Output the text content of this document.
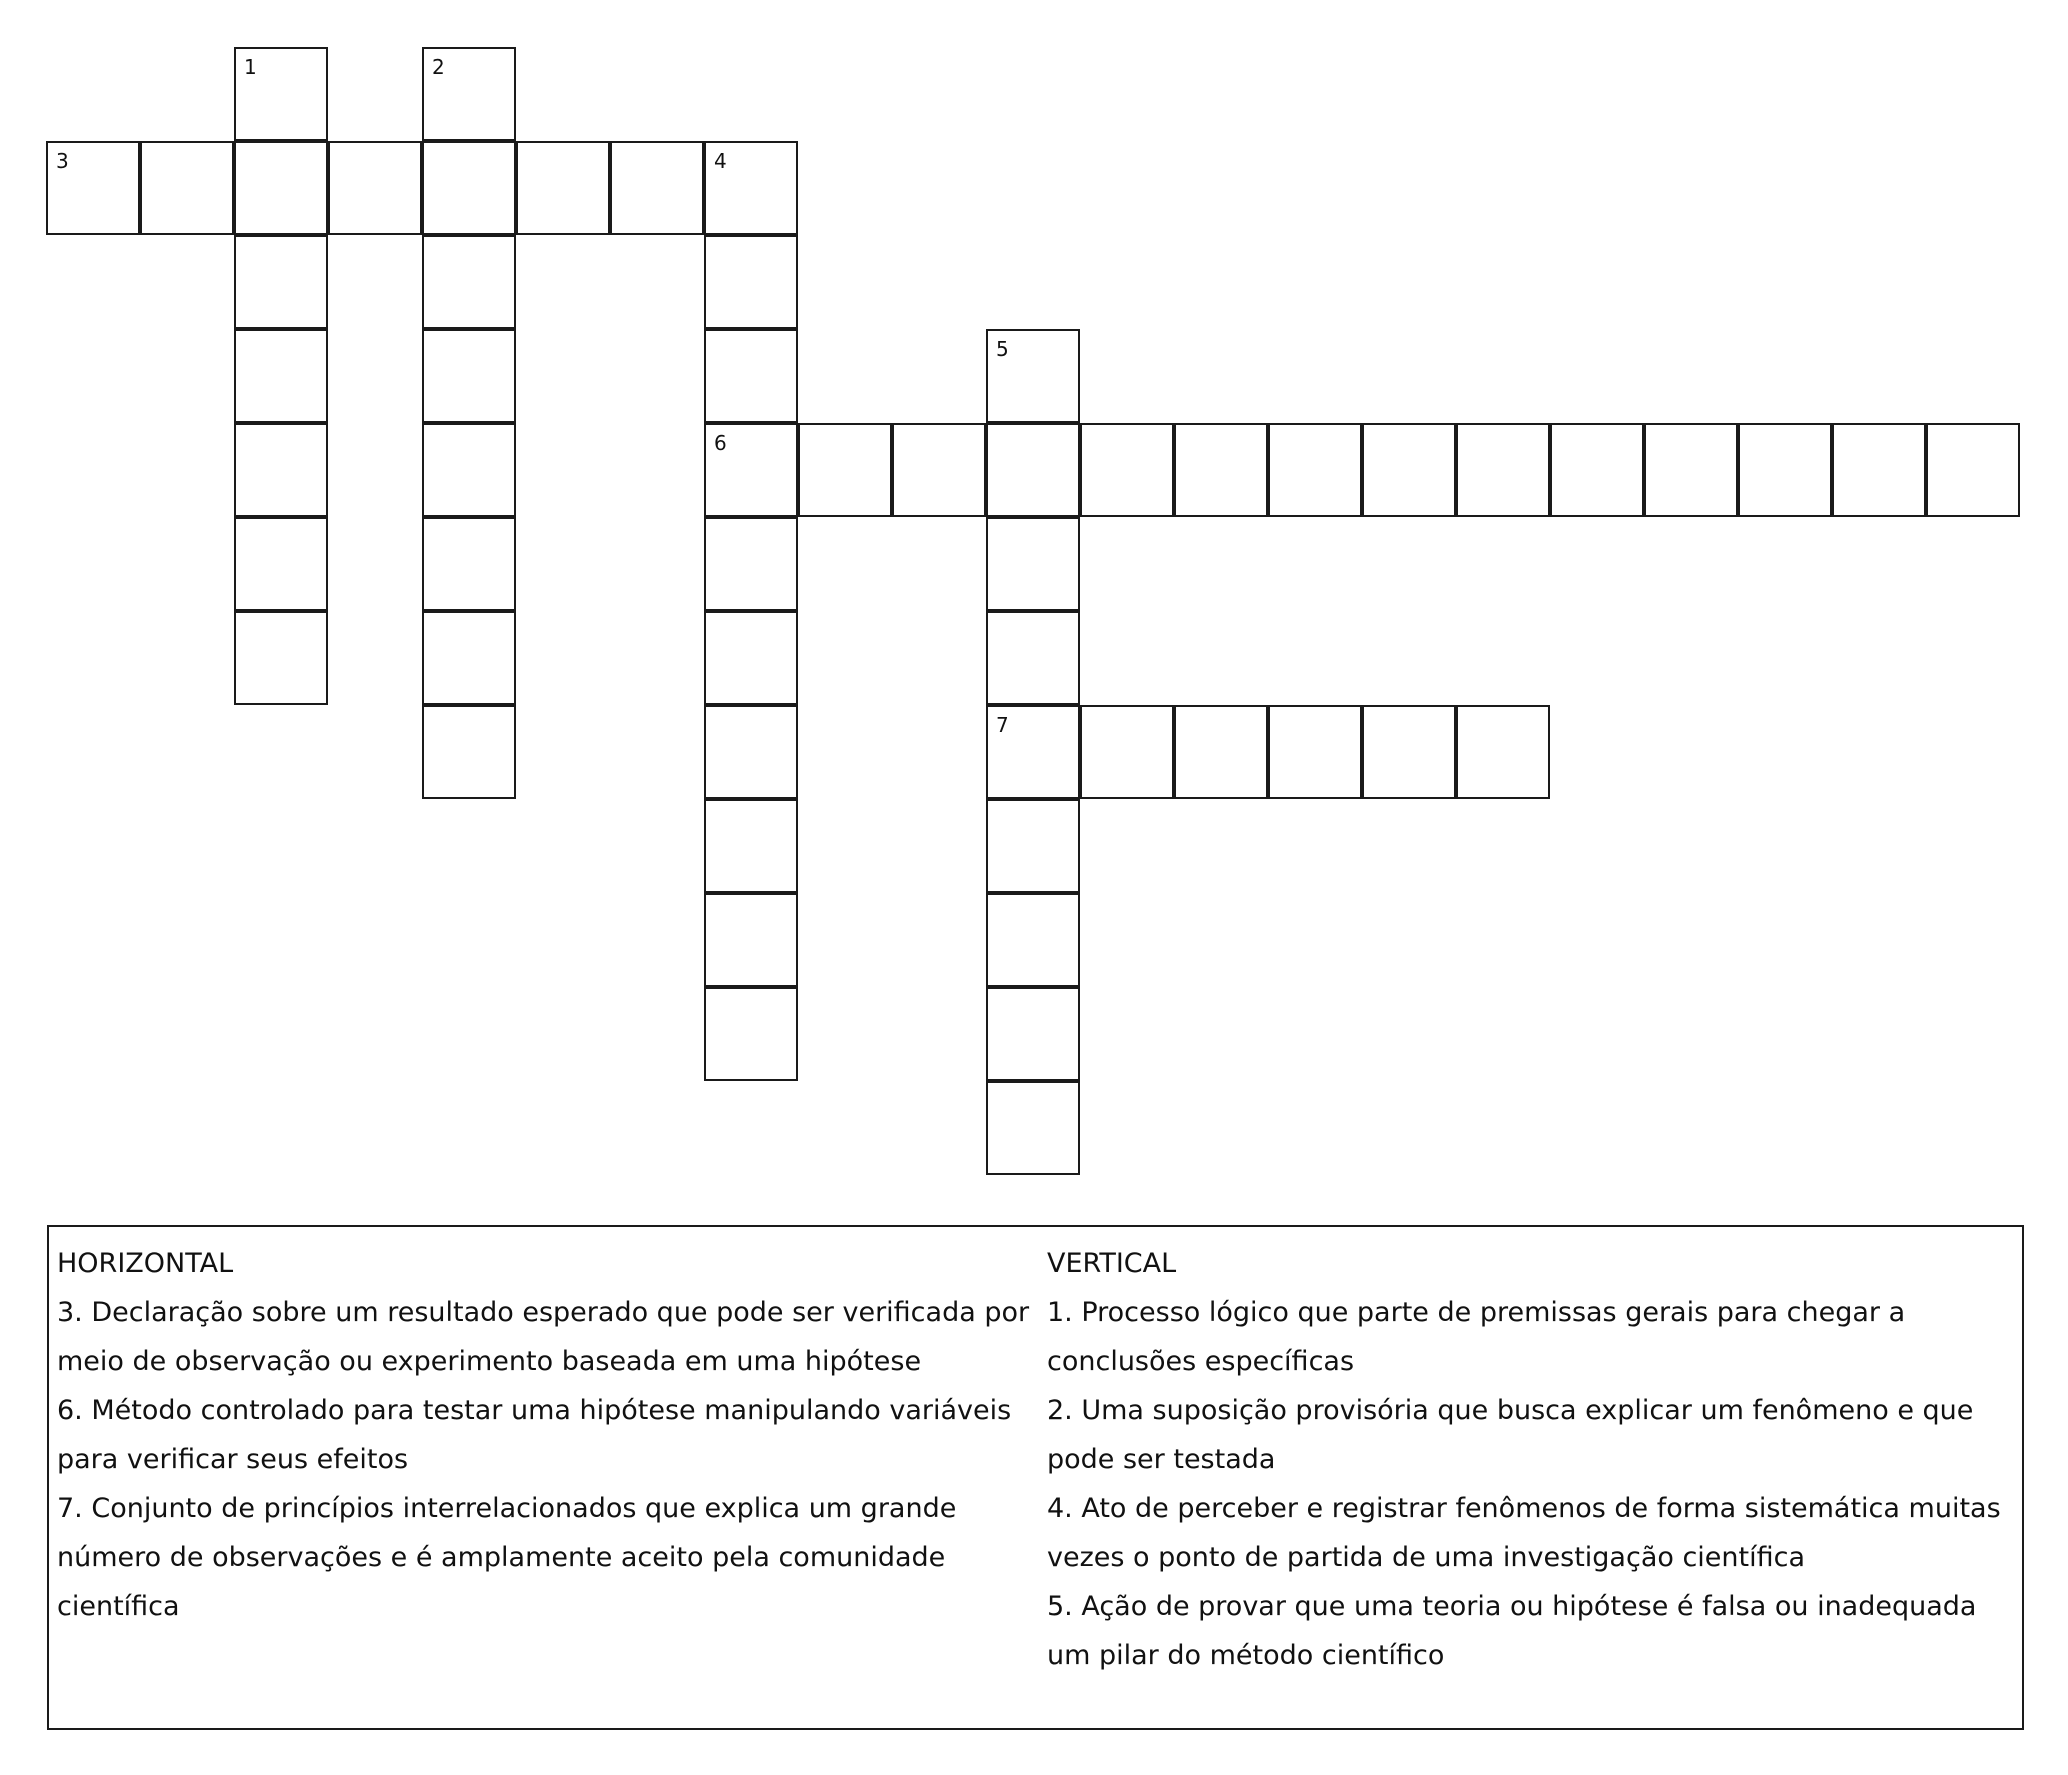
1	2
3	4
6
5
7
HORIZONTAL
3. Declaração sobre um resultado esperado que pode ser verificada por meio de observação ou experimento baseada em uma hipótese
6. Método controlado para testar uma hipótese manipulando variáveis para verificar seus efeitos
7. Conjunto de princípios interrelacionados que explica um grande número de observações e é amplamente aceito pela comunidade científica
VERTICAL
1. Processo lógico que parte de premissas gerais para chegar a conclusões específicas
2. Uma suposição provisória que busca explicar um fenômeno e que pode ser testada
4. Ato de perceber e registrar fenômenos de forma sistemática muitas vezes o ponto de partida de uma investigação científica
5. Ação de provar que uma teoria ou hipótese é falsa ou inadequada um pilar do método científico
